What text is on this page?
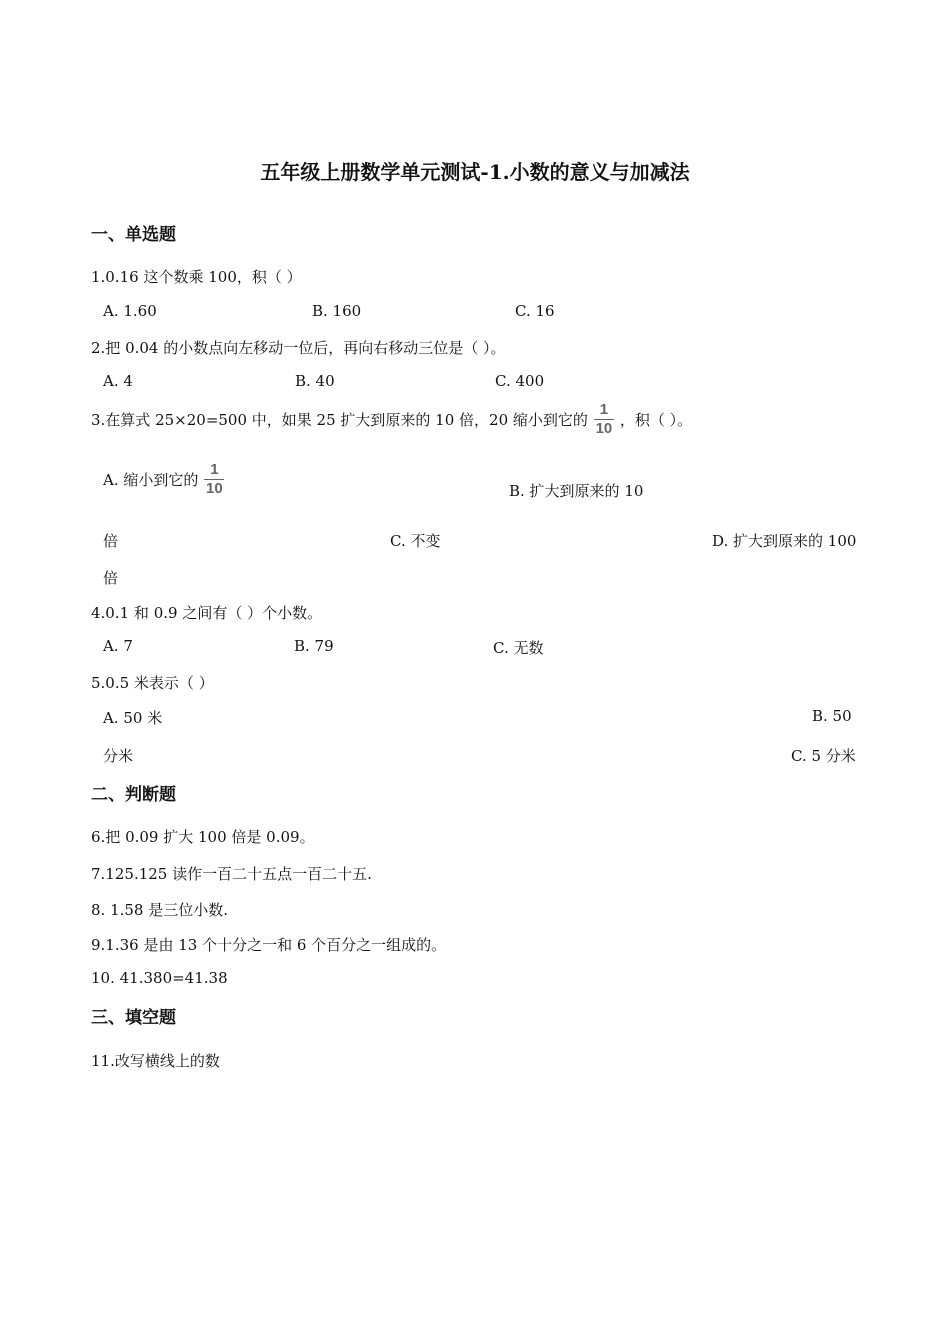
五年级上册数学单元测试-1.小数的意义与加减法
一、单选题
1.0.16 这个数乘 100，积（ ）
A. 1.60	B. 160	C. 16
2.把 0.04 的小数点向左移动一位后，再向右移动三位是（ ）。
A. 4	B. 40	C. 400
3.在算式 25×20=500 中，如果 25 扩大到原来的 10 倍，20 缩小到它的 $\frac{1}{10}$ ，积（ ）。
A. 缩小到它的 $\frac{1}{10}$	B. 扩大到原来的 10
倍	C. 不变	D. 扩大到原来的 100
倍
4.0.1 和 0.9 之间有（ ）个小数。
A. 7	B. 79	C. 无数
5.0.5 米表示（ ）
A. 50 米	B. 50
分米	C. 5 分米
二、判断题
6.把 0.09 扩大 100 倍是 0.09。
7.125.125 读作一百二十五点一百二十五.
8. 1.58 是三位小数.
9.1.36 是由 13 个十分之一和 6 个百分之一组成的。
10. 41.380=41.38
三、填空题
11.改写横线上的数
